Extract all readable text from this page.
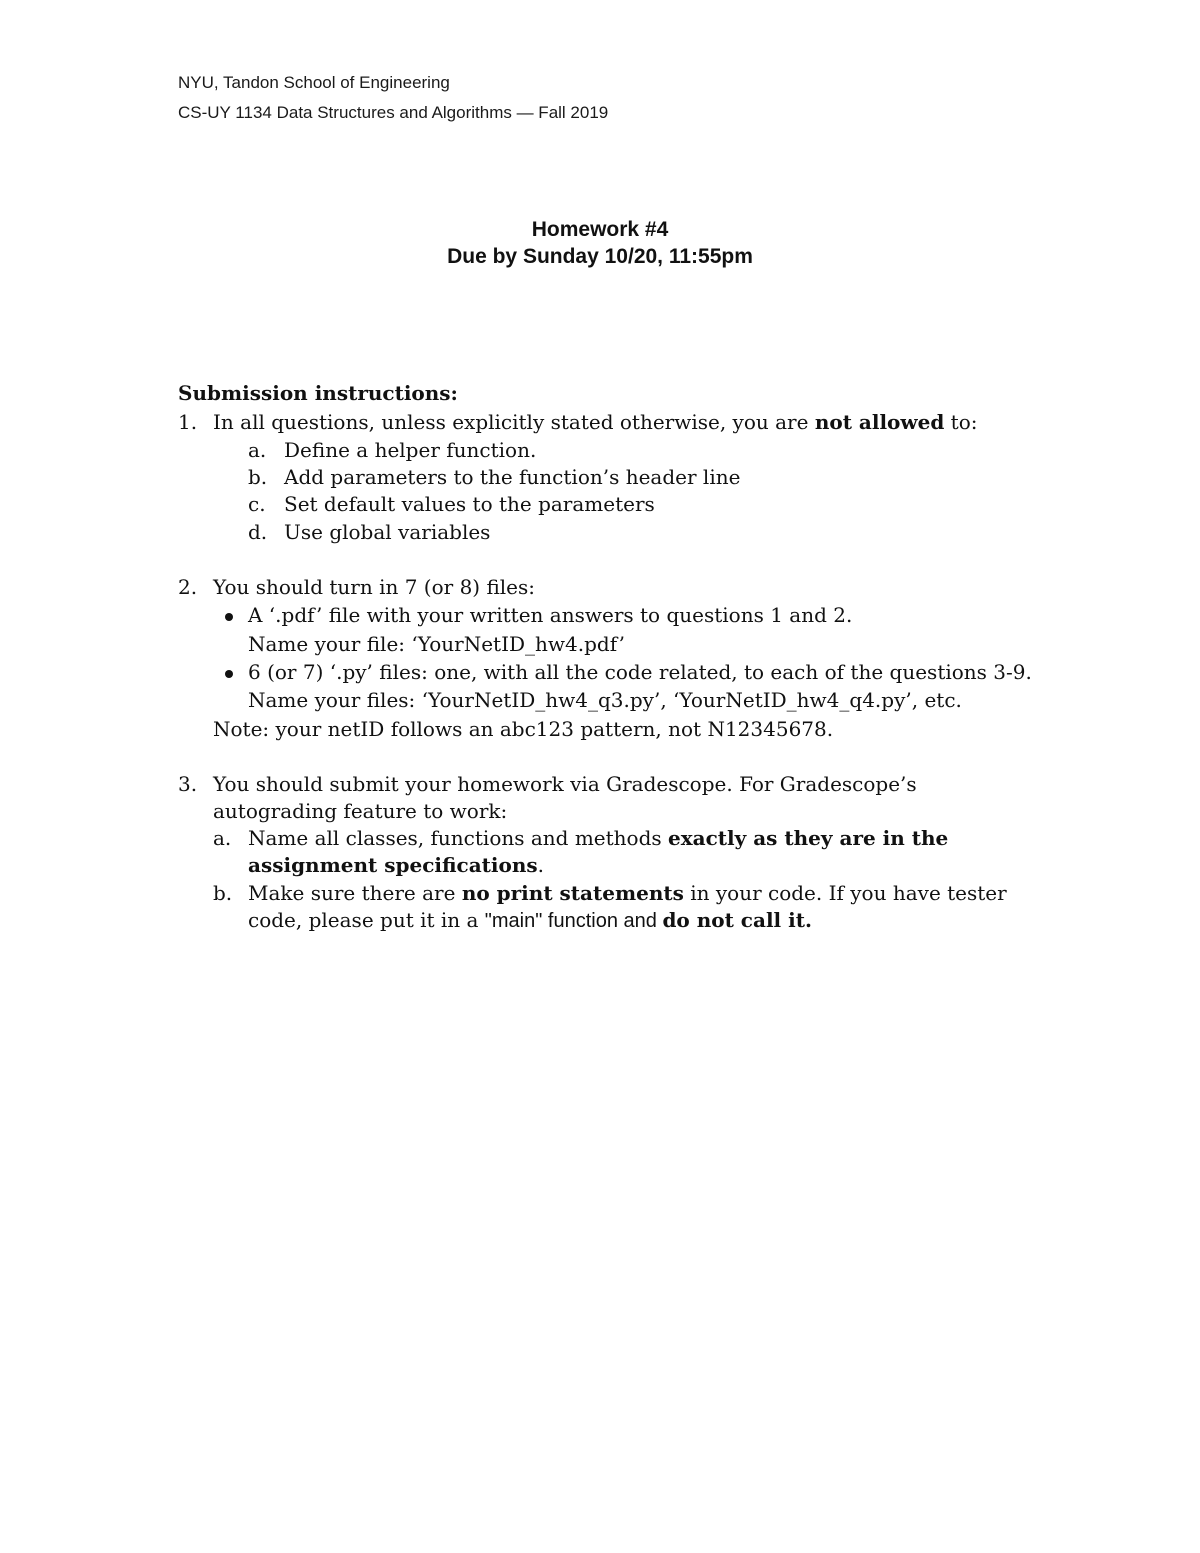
NYU, Tandon School of Engineering
CS-UY 1134 Data Structures and Algorithms — Fall 2019
Homework #4
Due by Sunday 10/20, 11:55pm
Submission instructions:
1. In all questions, unless explicitly stated otherwise, you are not allowed to:
a. Define a helper function.
b. Add parameters to the function’s header line
c. Set default values to the parameters
d. Use global variables
2. You should turn in 7 (or 8) files:
A ‘.pdf’ file with your written answers to questions 1 and 2.
Name your file: ‘YourNetID_hw4.pdf’
6 (or 7) ‘.py’ files: one, with all the code related, to each of the questions 3-9.
Name your files: ‘YourNetID_hw4_q3.py’, ‘YourNetID_hw4_q4.py’, etc.
Note: your netID follows an abc123 pattern, not N12345678.
3. You should submit your homework via Gradescope. For Gradescope’s
autograding feature to work:
a. Name all classes, functions and methods exactly as they are in the
assignment specifications.
b. Make sure there are no print statements in your code. If you have tester
code, please put it in a "main" function and do not call it.
